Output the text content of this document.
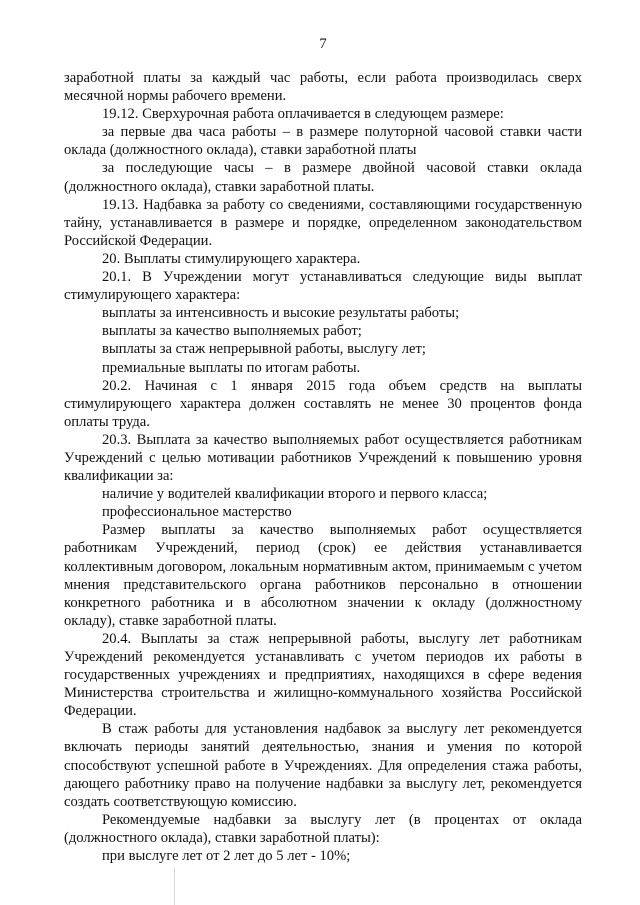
7

заработной платы за каждый час работы, если работа производилась сверх месячной нормы рабочего времени.

19.12. Сверхурочная работа оплачивается в следующем размере:

за первые два часа работы – в размере полуторной часовой ставки части оклада (должностного оклада), ставки заработной платы

за последующие часы – в размере двойной часовой ставки оклада (должностного оклада), ставки заработной платы.

19.13. Надбавка за работу со сведениями, составляющими государственную тайну, устанавливается в размере и порядке, определенном законодательством Российской Федерации.

20. Выплаты стимулирующего характера.

20.1. В Учреждении могут устанавливаться следующие виды выплат стимулирующего характера:

выплаты за интенсивность и высокие результаты работы;

выплаты за качество выполняемых работ;

выплаты за стаж непрерывной работы, выслугу лет;

премиальные выплаты по итогам работы.

20.2. Начиная с 1 января 2015 года объем средств на выплаты стимулирующего характера должен составлять не менее 30 процентов фонда оплаты труда.

20.3. Выплата за качество выполняемых работ осуществляется работникам Учреждений с целью мотивации работников Учреждений к повышению уровня квалификации за:

наличие у водителей квалификации второго и первого класса;

профессиональное мастерство

Размер выплаты за качество выполняемых работ осуществляется работникам Учреждений, период (срок) ее действия устанавливается коллективным договором, локальным нормативным актом, принимаемым с учетом мнения представительского органа работников персонально в отношении конкретного работника и в абсолютном значении к окладу (должностному окладу), ставке заработной платы.

20.4. Выплаты за стаж непрерывной работы, выслугу лет работникам Учреждений рекомендуется устанавливать с учетом периодов их работы в государственных учреждениях и предприятиях, находящихся в сфере ведения Министерства строительства и жилищно-коммунального хозяйства Российской Федерации.

В стаж работы для установления надбавок за выслугу лет рекомендуется включать периоды занятий деятельностью, знания и умения по которой способствуют успешной работе в Учреждениях. Для определения стажа работы, дающего работнику право на получение надбавки за выслугу лет, рекомендуется создать соответствующую комиссию.

Рекомендуемые надбавки за выслугу лет (в процентах от оклада (должностного оклада), ставки заработной платы):

при выслуге лет от 2 лет до 5 лет - 10%;
